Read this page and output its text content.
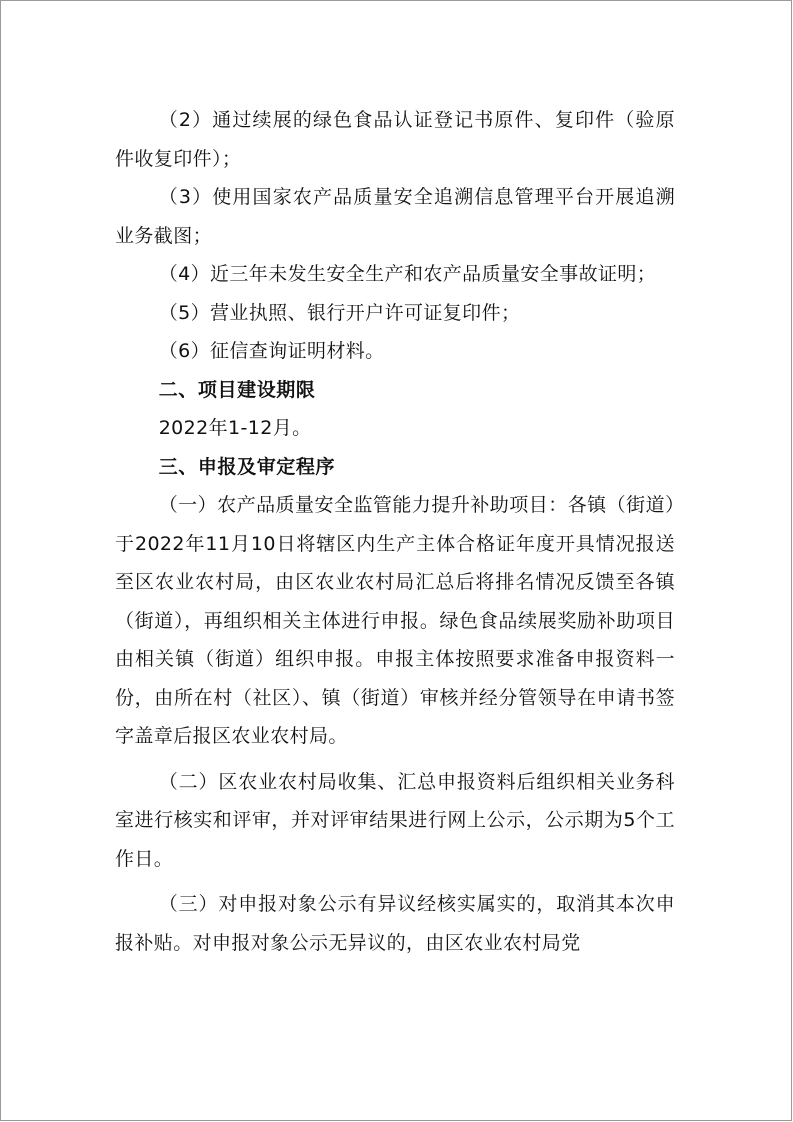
（2）通过续展的绿色食品认证登记书原件、复印件（验原件收复印件）；

（3）使用国家农产品质量安全追溯信息管理平台开展追溯业务截图；

（4）近三年未发生安全生产和农产品质量安全事故证明；

（5）营业执照、银行开户许可证复印件；

（6）征信查询证明材料。

二、项目建设期限

2022年1-12月。

三、申报及审定程序

（一）农产品质量安全监管能力提升补助项目：各镇（街道）于2022年11月10日将辖区内生产主体合格证年度开具情况报送至区农业农村局，由区农业农村局汇总后将排名情况反馈至各镇（街道），再组织相关主体进行申报。绿色食品续展奖励补助项目由相关镇（街道）组织申报。申报主体按照要求准备申报资料一份，由所在村（社区）、镇（街道）审核并经分管领导在申请书签字盖章后报区农业农村局。

（二）区农业农村局收集、汇总申报资料后组织相关业务科室进行核实和评审，并对评审结果进行网上公示，公示期为5个工作日。

（三）对申报对象公示有异议经核实属实的，取消其本次申报补贴。对申报对象公示无异议的，由区农业农村局党
